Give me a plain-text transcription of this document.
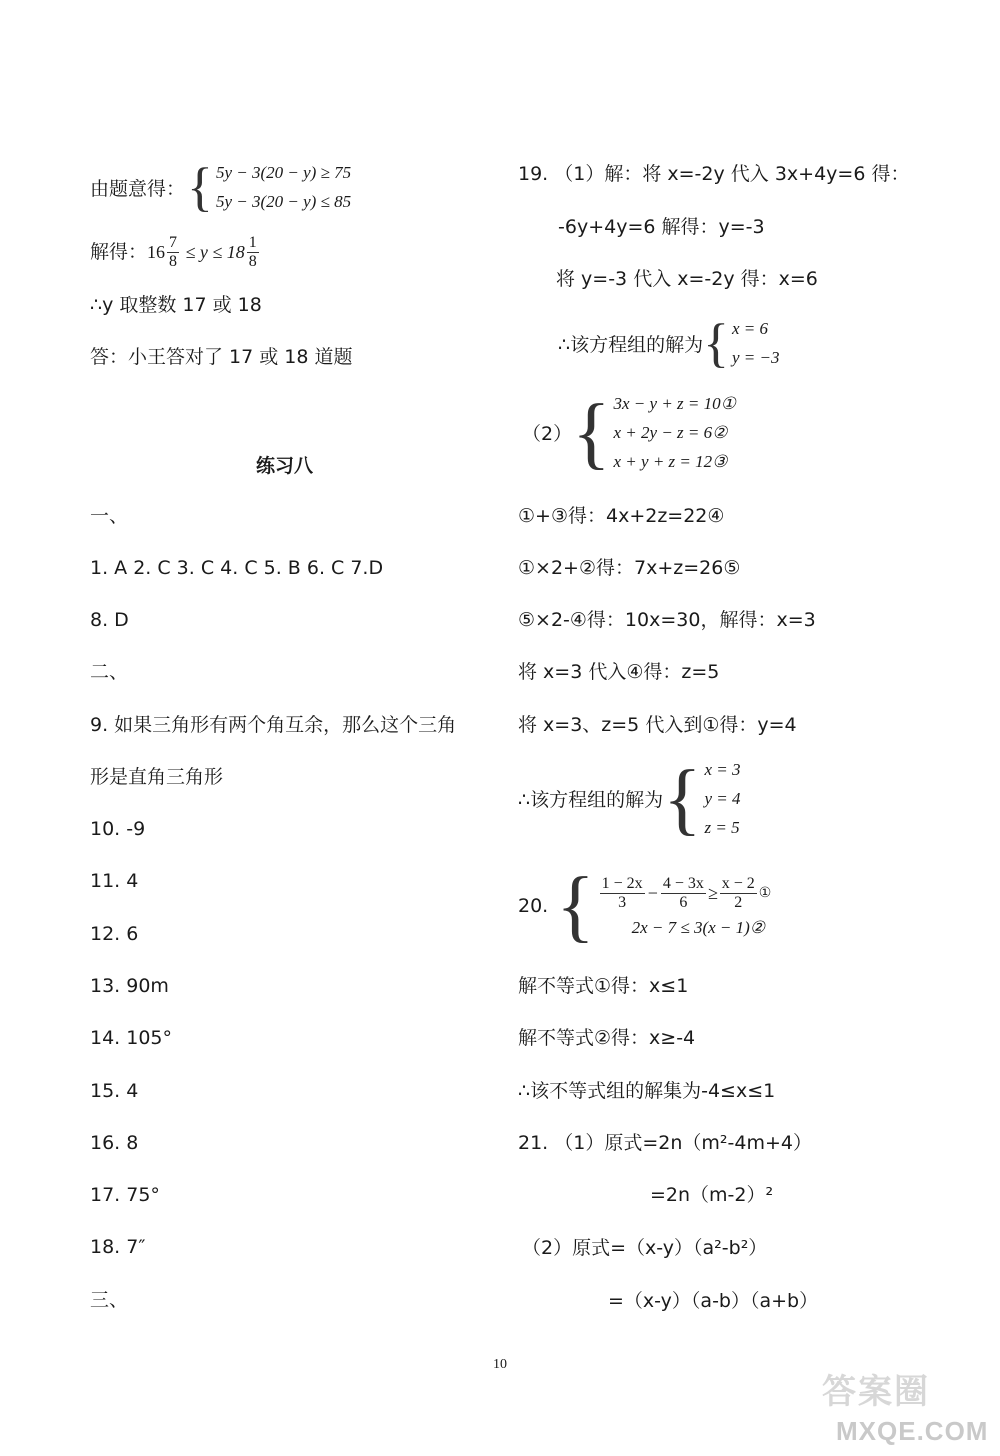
由题意得： { 5y − 3(20 − y) ≥ 75
5y − 3(20 − y) ≤ 85
解得：$16 \frac{7}{8} \le y \le 18 \frac{1}{8}$
∴y 取整数 17 或 18
答：小王答对了 17 或 18 道题
练习八
一、
1. A 2. C 3. C 4. C 5. B 6. C 7.D
8. D
二、
9. 如果三角形有两个角互余，那么这个三角
形是直角三角形
10. -9
11. 4
12. 6
13. 90m
14. 105°
15. 4
16. 8
17. 75°
18. 7″
三、
19. （1）解：将 x=-2y 代入 3x+4y=6 得：
-6y+4y=6 解得：y=-3
将 y=-3 代入 x=-2y 得：x=6
∴该方程组的解为 { x = 6
y = −3
（2） { 3x − y + z = 10①
x + 2y − z = 6②
x + y + z = 12③
①+③得：4x+2z=22④
①×2+②得：7x+z=26⑤
⑤×2-④得：10x=30，解得：x=3
将 x=3 代入④得：z=5
将 x=3、z=5 代入到①得：y=4
∴该方程组的解为 { x = 3
y = 4
z = 5
20. { $\frac{1 - 2x}{3} - \frac{4 - 3x}{6} \ge \frac{x - 2}{2}$ ①
2x − 7 ≤ 3(x − 1)②
解不等式①得：x≤1
解不等式②得：x≥-4
∴该不等式组的解集为-4≤x≤1
21. （1）原式=2n（m²-4m+4）
=2n（m-2）²
（2）原式=（x-y）（a²-b²）
=（x-y）（a-b）（a+b）
10
答案圈
MXQE.COM
